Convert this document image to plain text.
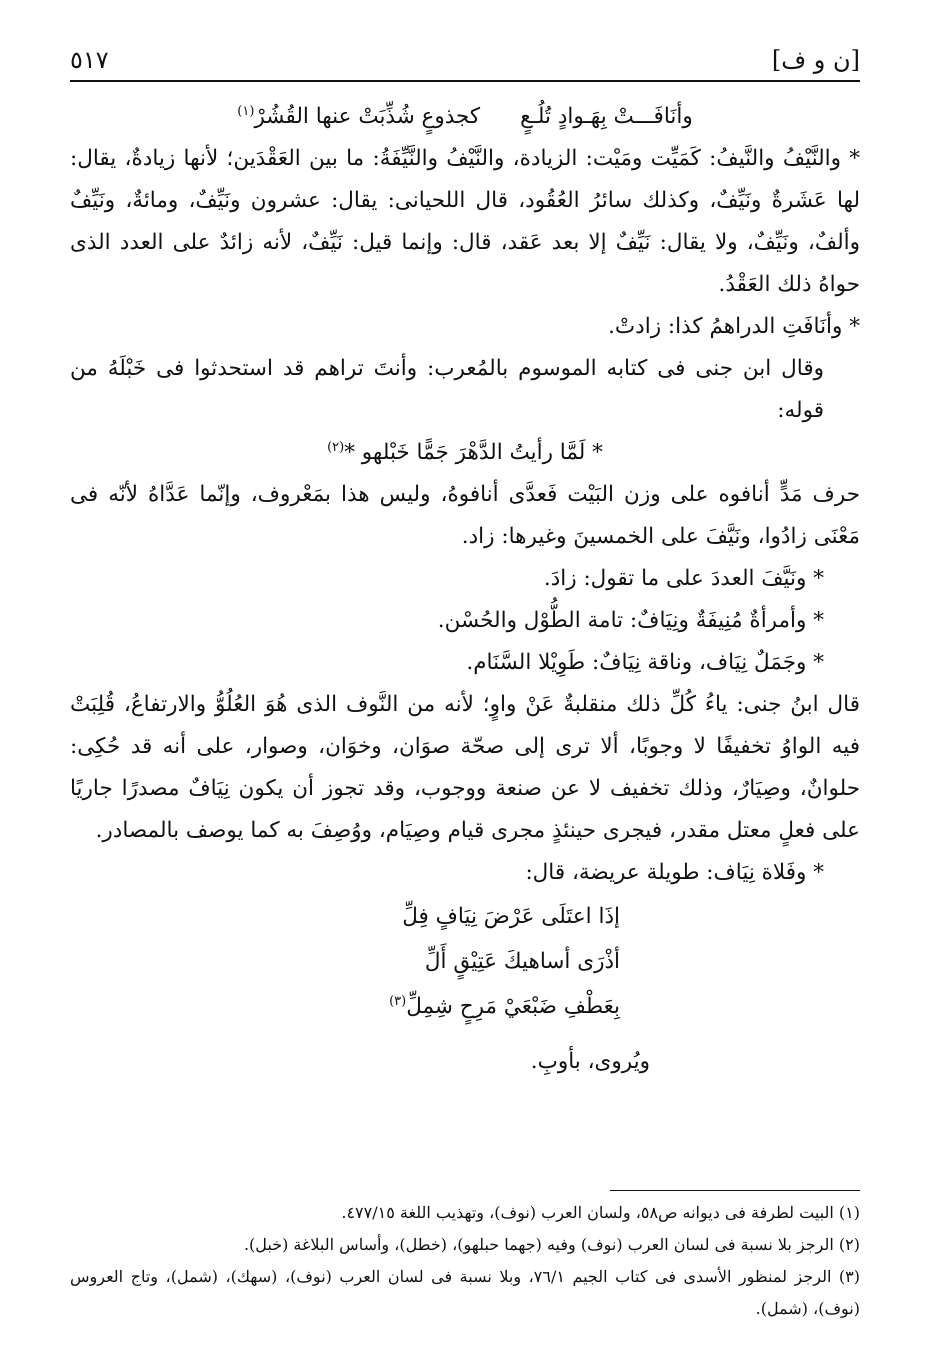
[ن و ف]
٥١٧
وأنَافَـــتْ بِهَـوادٍ تُلُـعٍ
كجذوعٍ شُذِّبَتْ عنها القُشُرْ$^{(١)}$

* والنَّيْفُ والنَّيفُ: كَمَيِّت ومَيْت: الزيادة، والنَّيْفُ والنَّيِّفَةُ: ما بين العَقْدَين؛ لأنها زيادةٌ، يقال: لها عَشَرةٌ ونَيِّفٌ، وكذلك سائرُ العُقُود، قال اللحيانى: يقال: عشرون ونَيِّفٌ، ومائةٌ، ونَيِّفٌ وألفٌ، ونَيِّفٌ، ولا يقال: نَيِّفٌ إلا بعد عَقد، قال: وإنما قيل: نَيِّفٌ، لأنه زائدٌ على العدد الذى حواهُ ذلك العَقْدُ.

* وأنَافَتِ الدراهمُ كذا: زادتْ.

وقال ابن جنى فى كتابه الموسوم بالمُعرب: وأنتَ تراهم قد استحدثوا فى خَبْلَهُ من قوله:

* لَمَّا رأيتُ الدَّهْرَ جَمًّا خَبْلهو *$^{(٢)}$

حرف مَدٍّ أنافوه على وزن البَيْت فَعدَّى أنافوهُ، وليس هذا بمَعْروف، وإنّما عَدَّاهُ لأنّه فى مَعْنَى زادُوا، ونَيَّفَ على الخمسينَ وغيرها: زاد.

* ونَيَّفَ العددَ على ما تقول: زادَ.

* وأمرأةٌ مُنِيفَةٌ ونِيَافٌ: تامة الطُّوْل والحُسْن.

* وجَمَلٌ نِيَاف، وناقة نِيَافٌ: طَوِيْلا السَّنَام.

قال ابنُ جنى: ياءُ كُلِّ ذلك منقلبةٌ عَنْ واوٍ؛ لأنه من النَّوف الذى هُوَ العُلُوُّ والارتفاعُ، قُلِبَتْ فيه الواوُ تخفيفًا لا وجوبًا، ألا ترى إلى صحّة صوَان، وخوَان، وصوار، على أنه قد حُكِى: حلوانٌ، وصِيَارٌ، وذلك تخفيف لا عن صنعة ووجوب، وقد تجوز أن يكون نِيَافٌ مصدرًا جاريًا على فعلٍ معتل مقدر، فيجرى حينئذٍ مجرى قيام وصِيَام، ووُصِفَ به كما يوصف بالمصادر.

* وفَلاة نِيَاف: طويلة عريضة، قال:

إذَا اعتَلَى عَرْضَ نِيَافٍ فِلِّ
أذْرَى أساهيكَ عَتِيْقٍ أَلِّ
بِعَطْفِ ضَبْعَيْ مَرِحٍ شِمِلِّ$^{(٣)}$

ويُروى، بأوبِ.

(١) البيت لطرفة فى ديوانه ص٥٨، ولسان العرب (نوف)، وتهذيب اللغة ٤٧٧/١٥.

(٢) الرجز بلا نسبة فى لسان العرب (نوف) وفيه (جهما حبلهو)، (خطل)، وأساس البلاغة (خبل).

(٣) الرجز لمنظور الأسدى فى كتاب الجيم ٧٦/١، وبلا نسبة فى لسان العرب (نوف)، (سهك)، (شمل)، وتاج العروس (نوف)، (شمل).
